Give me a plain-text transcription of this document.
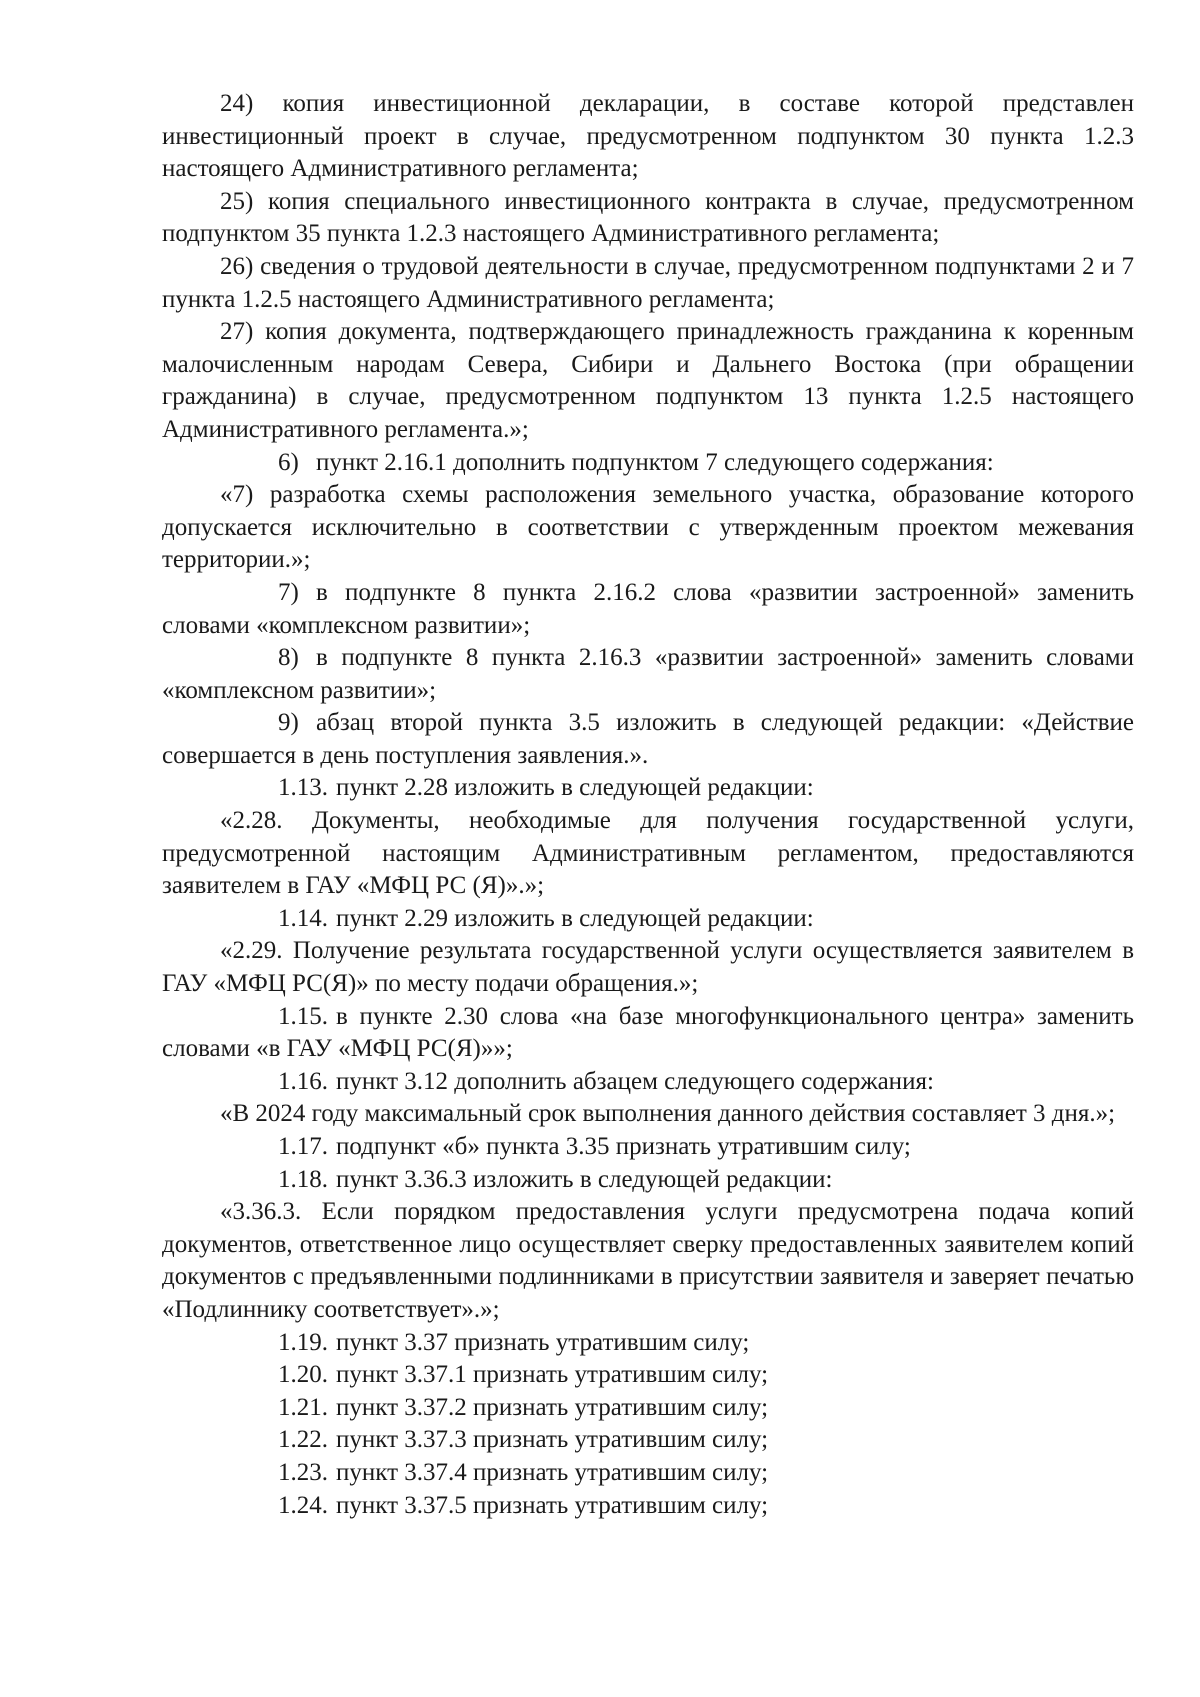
24) копия инвестиционной декларации, в составе которой представлен инвестиционный проект в случае, предусмотренном подпунктом 30 пункта 1.2.3 настоящего Административного регламента;

25) копия специального инвестиционного контракта в случае, предусмотренном подпунктом 35 пункта 1.2.3 настоящего Административного регламента;

26) сведения о трудовой деятельности в случае, предусмотренном подпунктами 2 и 7 пункта 1.2.5 настоящего Административного регламента;

27) копия документа, подтверждающего принадлежность гражданина к коренным малочисленным народам Севера, Сибири и Дальнего Востока (при обращении гражданина) в случае, предусмотренном подпунктом 13 пункта 1.2.5 настоящего Административного регламента.»;

6) пункт 2.16.1 дополнить подпунктом 7 следующего содержания:

«7) разработка схемы расположения земельного участка, образование которого допускается исключительно в соответствии с утвержденным проектом межевания территории.»;

7) в подпункте 8 пункта 2.16.2 слова «развитии застроенной» заменить словами «комплексном развитии»;

8) в подпункте 8 пункта 2.16.3 «развитии застроенной» заменить словами «комплексном развитии»;

9) абзац второй пункта 3.5 изложить в следующей редакции: «Действие совершается в день поступления заявления.».

1.13. пункт 2.28 изложить в следующей редакции:

«2.28. Документы, необходимые для получения государственной услуги, предусмотренной настоящим Административным регламентом, предоставляются заявителем в ГАУ «МФЦ РС (Я)».»;

1.14. пункт 2.29 изложить в следующей редакции:

«2.29. Получение результата государственной услуги осуществляется заявителем в ГАУ «МФЦ РС(Я)» по месту подачи обращения.»;

1.15. в пункте 2.30 слова «на базе многофункционального центра» заменить словами «в ГАУ «МФЦ РС(Я)»»;

1.16. пункт 3.12 дополнить абзацем следующего содержания:

«В 2024 году максимальный срок выполнения данного действия составляет 3 дня.»;

1.17. подпункт «б» пункта 3.35 признать утратившим силу;

1.18. пункт 3.36.3 изложить в следующей редакции:

«3.36.3. Если порядком предоставления услуги предусмотрена подача копий документов, ответственное лицо осуществляет сверку предоставленных заявителем копий документов с предъявленными подлинниками в присутствии заявителя и заверяет печатью «Подлиннику соответствует».»;

1.19. пункт 3.37 признать утратившим силу;

1.20. пункт 3.37.1 признать утратившим силу;

1.21. пункт 3.37.2 признать утратившим силу;

1.22. пункт 3.37.3 признать утратившим силу;

1.23. пункт 3.37.4 признать утратившим силу;

1.24. пункт 3.37.5 признать утратившим силу;
